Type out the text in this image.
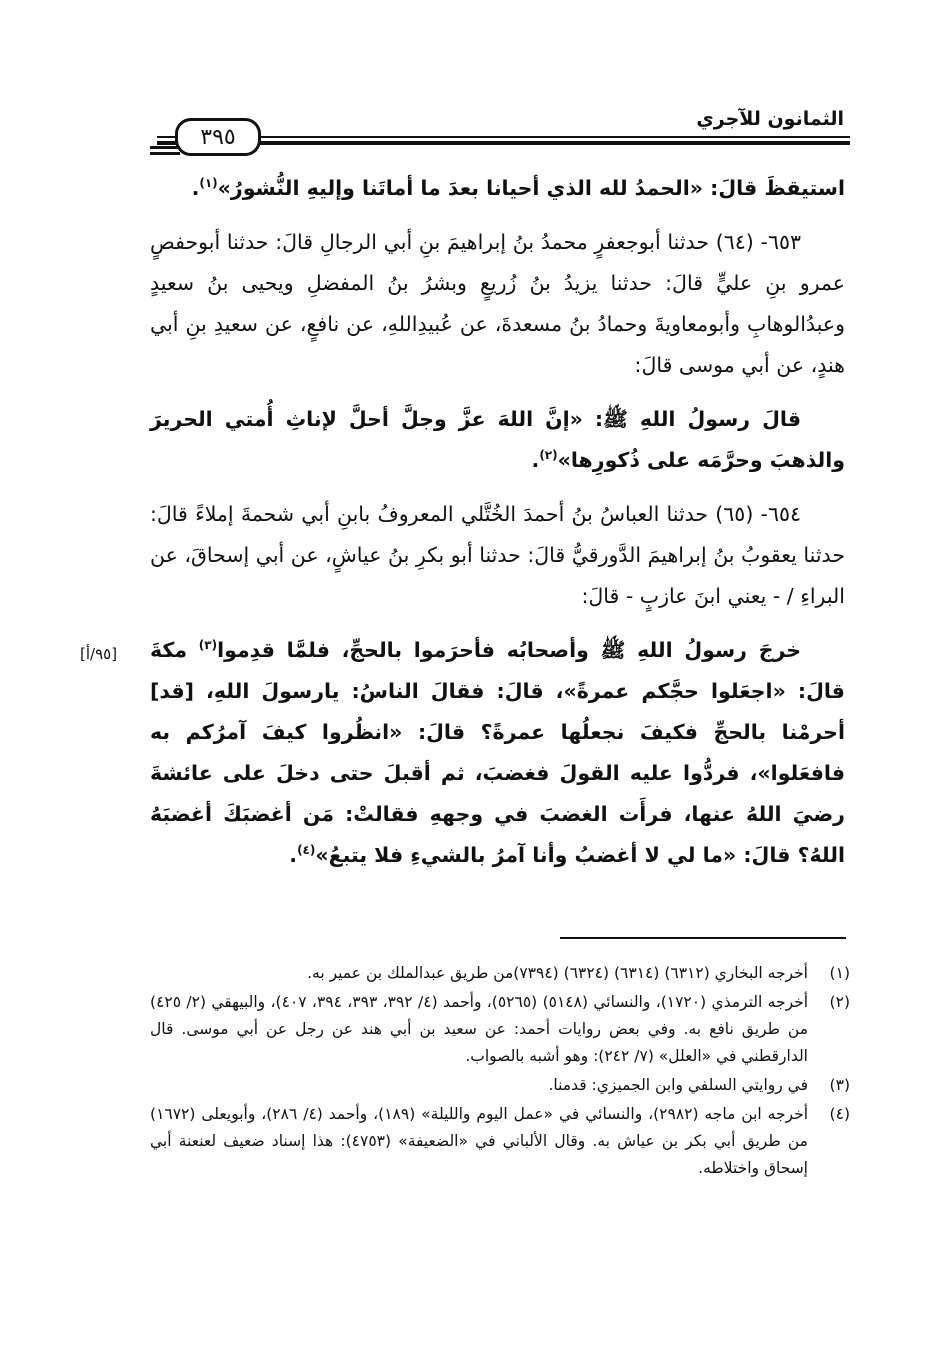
الثمانون للآجري
٣٩٥

استيقظَ قالَ: «الحمدُ لله الذي أحيانا بعدَ ما أماتَنا وإليهِ النُّشورُ»$^{(١)}$.

٦٥٣- (٦٤) حدثنا أبوجعفرٍ محمدُ بنُ إبراهيمَ بنِ أبي الرجالِ قالَ: حدثنا أبوحفصٍ عمرو بنِ عليٍّ قالَ: حدثنا يزيدُ بنُ زُريعٍ وبشرُ بنُ المفضلِ ويحيى بنُ سعيدٍ وعبدُالوهابِ وأبومعاويةَ وحمادُ بنُ مسعدةَ، عن عُبيدِاللهِ، عن نافعٍ، عن سعيدِ بنِ أبي هندٍ، عن أبي موسى قالَ:

قالَ رسولُ اللهِ ﷺ: «إنَّ اللهَ عزَّ وجلَّ أحلَّ لإناثِ أُمتي الحريرَ والذهبَ وحرَّمَه على ذُكورِها»$^{(٢)}$.

٦٥٤- (٦٥) حدثنا العباسُ بنُ أحمدَ الخُتَّلي المعروفُ بابنِ أبي شحمةَ إملاءً قالَ: حدثنا يعقوبُ بنُ إبراهيمَ الدَّورقيُّ قالَ: حدثنا أبو بكرِ بنُ عياشٍ، عن أبي إسحاقَ، عن البراءِ / - يعني ابنَ عازبٍ - قالَ:

خرجَ رسولُ اللهِ ﷺ وأصحابُه فأحرَموا بالحجِّ، فلمَّا قدِموا$^{(٣)}$ مكةَ قالَ: «اجعَلوا حجَّكم عمرةً»، قالَ: فقالَ الناسُ: يارسولَ اللهِ، [قد] أحرمْنا بالحجِّ فكيفَ نجعلُها عمرةً؟ قالَ: «انظُروا كيفَ آمرُكم به فافعَلوا»، فردُّوا عليه القولَ فغضبَ، ثم أقبلَ حتى دخلَ على عائشةَ رضيَ اللهُ عنها، فرأَت الغضبَ في وجههِ فقالتْ: مَن أغضبَكَ أغضبَهُ اللهُ؟ قالَ: «ما لي لا أغضبُ وأنا آمرُ بالشيءِ فلا يتبعُ»$^{(٤)}$.

[٩٥/أ]
(١)
أخرجه البخاري (٦٣١٢) (٦٣١٤) (٦٣٢٤) (٧٣٩٤)من طريق عبدالملك بن عمير به.
(٢)
أخرجه الترمذي (١٧٢٠)، والنسائي (٥١٤٨) (٥٢٦٥)، وأحمد (٤/ ٣٩٢، ٣٩٣، ٣٩٤، ٤٠٧)، والبيهقي (٢/ ٤٢٥) من طريق نافع به. وفي بعض روايات أحمد: عن سعيد بن أبي هند عن رجل عن أبي موسى. قال الدارقطني في «العلل» (٧/ ٢٤٢): وهو أشبه بالصواب.
(٣)
في روايتي السلفي وابن الجميزي: قدمنا.
(٤)
أخرجه ابن ماجه (٢٩٨٢)، والنسائي في «عمل اليوم والليلة» (١٨٩)، وأحمد (٤/ ٢٨٦)، وأبويعلى (١٦٧٢) من طريق أبي بكر بن عياش به. وقال الألباني في «الضعيفة» (٤٧٥٣): هذا إسناد ضعيف لعنعنة أبي إسحاق واختلاطه.
